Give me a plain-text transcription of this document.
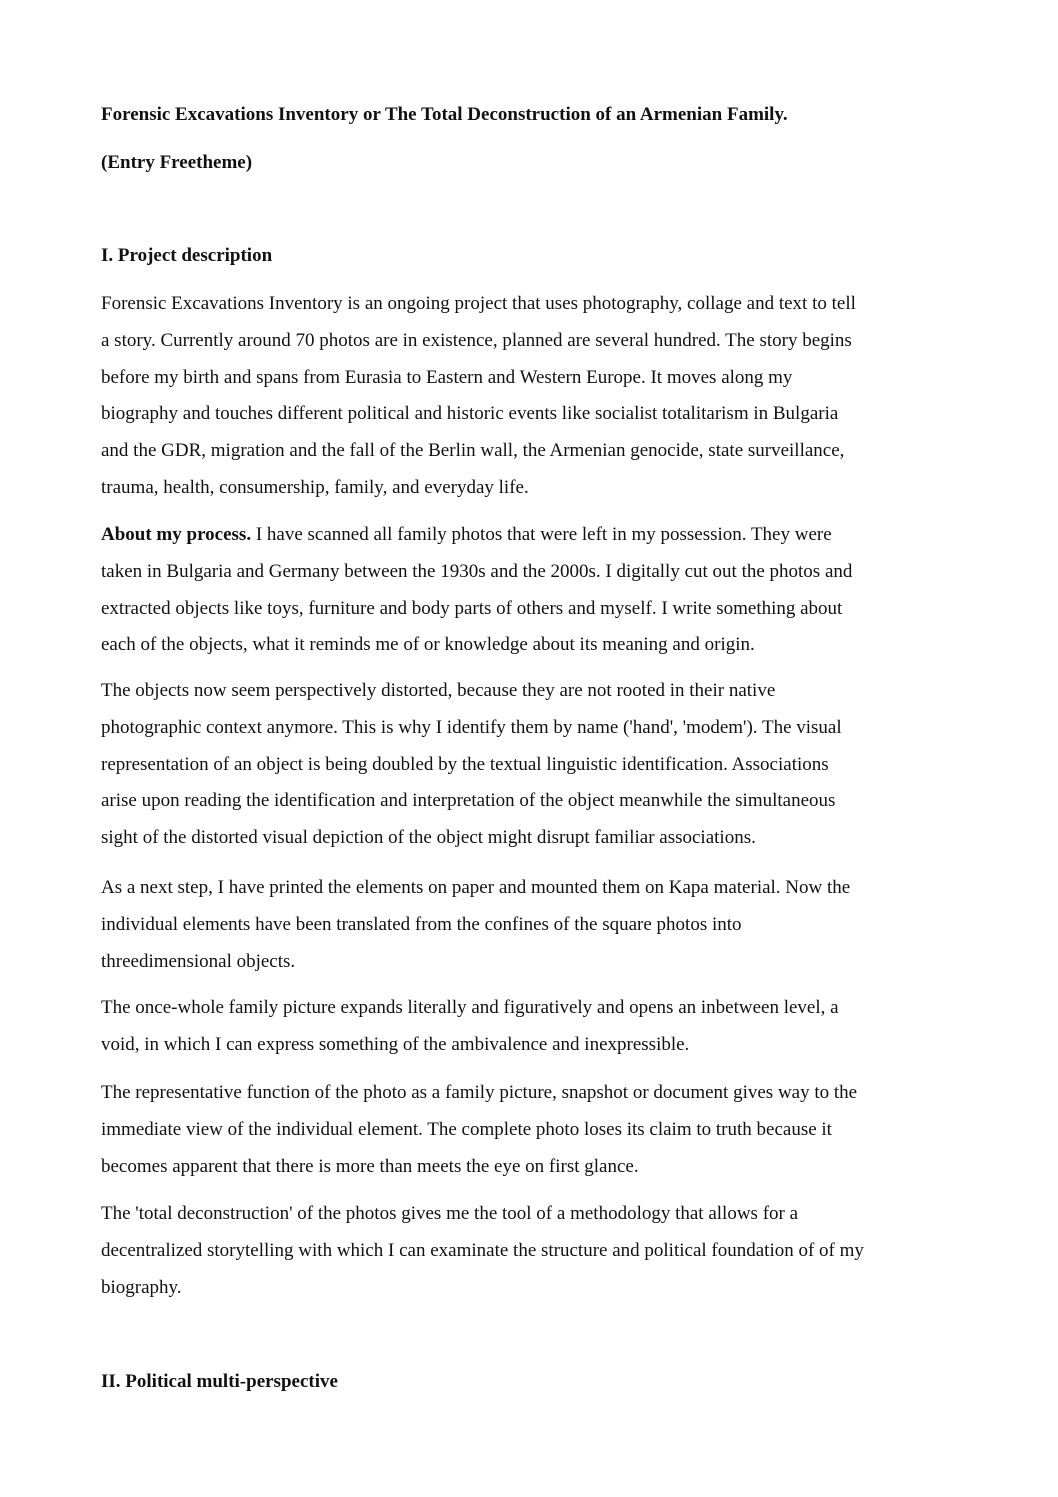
Forensic Excavations Inventory or The Total Deconstruction of an Armenian Family.

(Entry Freetheme)

I. Project description

Forensic Excavations Inventory is an ongoing project that uses photography, collage and text to tell
a story. Currently around 70 photos are in existence, planned are several hundred. The story begins
before my birth and spans from Eurasia to Eastern and Western Europe. It moves along my
biography and touches different political and historic events like socialist totalitarism in Bulgaria
and the GDR, migration and the fall of the Berlin wall, the Armenian genocide, state surveillance,
trauma, health, consumership, family, and everyday life.

About my process. I have scanned all family photos that were left in my possession. They were
taken in Bulgaria and Germany between the 1930s and the 2000s. I digitally cut out the photos and
extracted objects like toys, furniture and body parts of others and myself. I write something about
each of the objects, what it reminds me of or knowledge about its meaning and origin.

The objects now seem perspectively distorted, because they are not rooted in their native
photographic context anymore. This is why I identify them by name ('hand', 'modem'). The visual
representation of an object is being doubled by the textual linguistic identification. Associations
arise upon reading the identification and interpretation of the object meanwhile the simultaneous
sight of the distorted visual depiction of the object might disrupt familiar associations.

As a next step, I have printed the elements on paper and mounted them on Kapa material. Now the
individual elements have been translated from the confines of the square photos into
threedimensional objects.

The once-whole family picture expands literally and figuratively and opens an inbetween level, a
void, in which I can express something of the ambivalence and inexpressible.

The representative function of the photo as a family picture, snapshot or document gives way to the
immediate view of the individual element. The complete photo loses its claim to truth because it
becomes apparent that there is more than meets the eye on first glance.

The 'total deconstruction' of the photos gives me the tool of a methodology that allows for a
decentralized storytelling with which I can examinate the structure and political foundation of of my
biography.

II. Political multi-perspective
